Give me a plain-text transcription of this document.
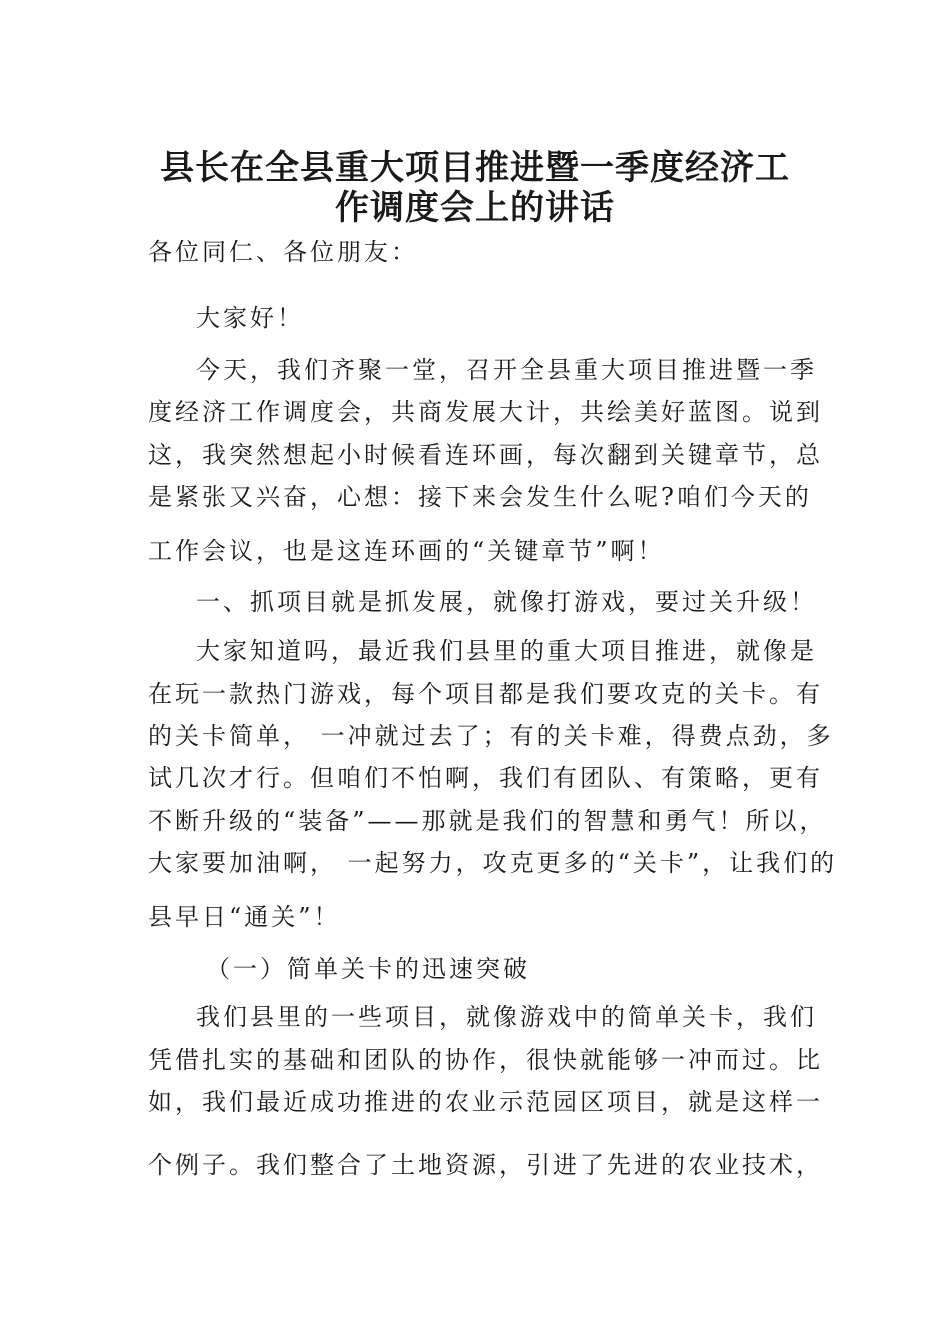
县长在全县重大项目推进暨一季度经济工
作调度会上的讲话

各位同仁、各位朋友：

大家好！

今天，我们齐聚一堂，召开全县重大项目推进暨一季

度经济工作调度会，共商发展大计，共绘美好蓝图。说到

这，我突然想起小时候看连环画，每次翻到关键章节，总

是紧张又兴奋，心想：接下来会发生什么呢?咱们今天的

工作会议，也是这连环画的“关键章节”啊！

一、抓项目就是抓发展，就像打游戏，要过关升级！

大家知道吗，最近我们县里的重大项目推进，就像是

在玩一款热门游戏，每个项目都是我们要攻克的关卡。有

的关卡简单， 一冲就过去了；有的关卡难，得费点劲，多

试几次才行。但咱们不怕啊，我们有团队、有策略，更有

不断升级的“装备”——那就是我们的智慧和勇气！所以，

大家要加油啊， 一起努力，攻克更多的“关卡”，让我们的

县早日“通关”！

（一）简单关卡的迅速突破

我们县里的一些项目，就像游戏中的简单关卡，我们

凭借扎实的基础和团队的协作，很快就能够一冲而过。比

如，我们最近成功推进的农业示范园区项目，就是这样一

个例子。我们整合了土地资源，引进了先进的农业技术，
